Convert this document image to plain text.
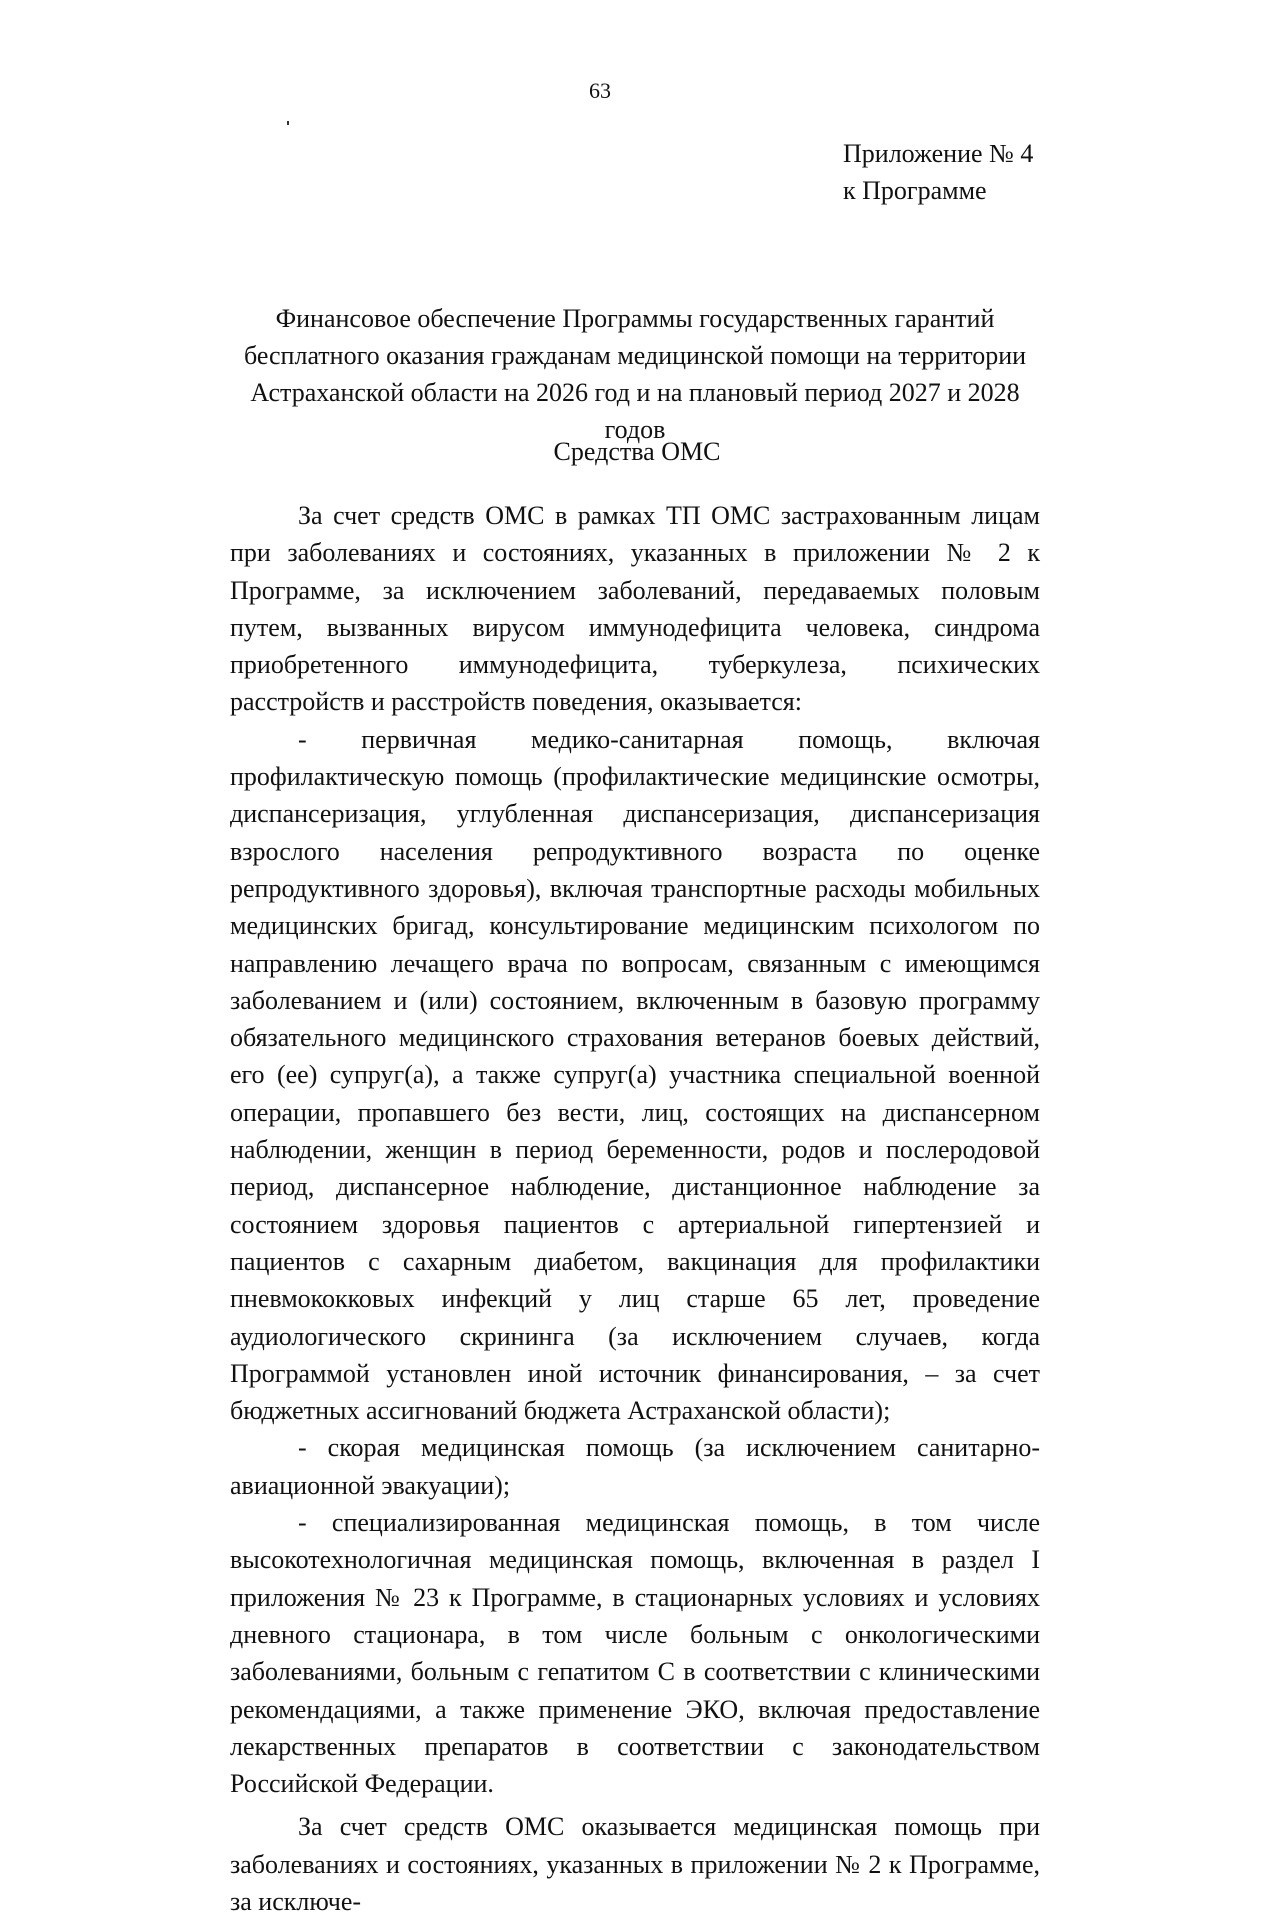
63
Приложение № 4
к Программе
Финансовое обеспечение Программы государственных гарантий бесплатного оказания гражданам медицинской помощи на территории Астраханской области на 2026 год и на плановый период 2027 и 2028 годов
Средства ОМС

За счет средств ОМС в рамках ТП ОМС застрахованным лицам при заболеваниях и состояниях, указанных в приложении № 2 к Программе, за исключением заболеваний, передаваемых половым путем, вызванных вирусом иммунодефицита человека, синдрома приобретенного иммунодефицита, туберкулеза, психических расстройств и расстройств поведения, оказывается:

- первичная медико-санитарная помощь, включая профилактическую помощь (профилактические медицинские осмотры, диспансеризация, углубленная диспансеризация, диспансеризация взрослого населения репродуктивного возраста по оценке репродуктивного здоровья), включая транспортные расходы мобильных медицинских бригад, консультирование медицинским психологом по направлению лечащего врача по вопросам, связанным с имеющимся заболеванием и (или) состоянием, включенным в базовую программу обязательного медицинского страхования ветеранов боевых действий, его (ее) супруг(а), а также супруг(а) участника специальной военной операции, пропавшего без вести, лиц, состоящих на диспансерном наблюдении, женщин в период беременности, родов и послеродовой период, диспансерное наблюдение, дистанционное наблюдение за состоянием здоровья пациентов с артериальной гипертензией и пациентов с сахарным диабетом, вакцинация для профилактики пневмококковых инфекций у лиц старше 65 лет, проведение аудиологического скрининга (за исключением случаев, когда Программой установлен иной источник финансирования, – за счет бюджетных ассигнований бюджета Астраханской области);

- скорая медицинская помощь (за исключением санитарно-авиационной эвакуации);

- специализированная медицинская помощь, в том числе высокотехнологичная медицинская помощь, включенная в раздел I приложения № 23 к Программе, в стационарных условиях и условиях дневного стационара, в том числе больным с онкологическими заболеваниями, больным с гепатитом С в соответствии с клиническими рекомендациями, а также применение ЭКО, включая предоставление лекарственных препаратов в соответствии с законодательством Российской Федерации.

За счет средств ОМС оказывается медицинская помощь при заболеваниях и состояниях, указанных в приложении № 2 к Программе, за исключе-
